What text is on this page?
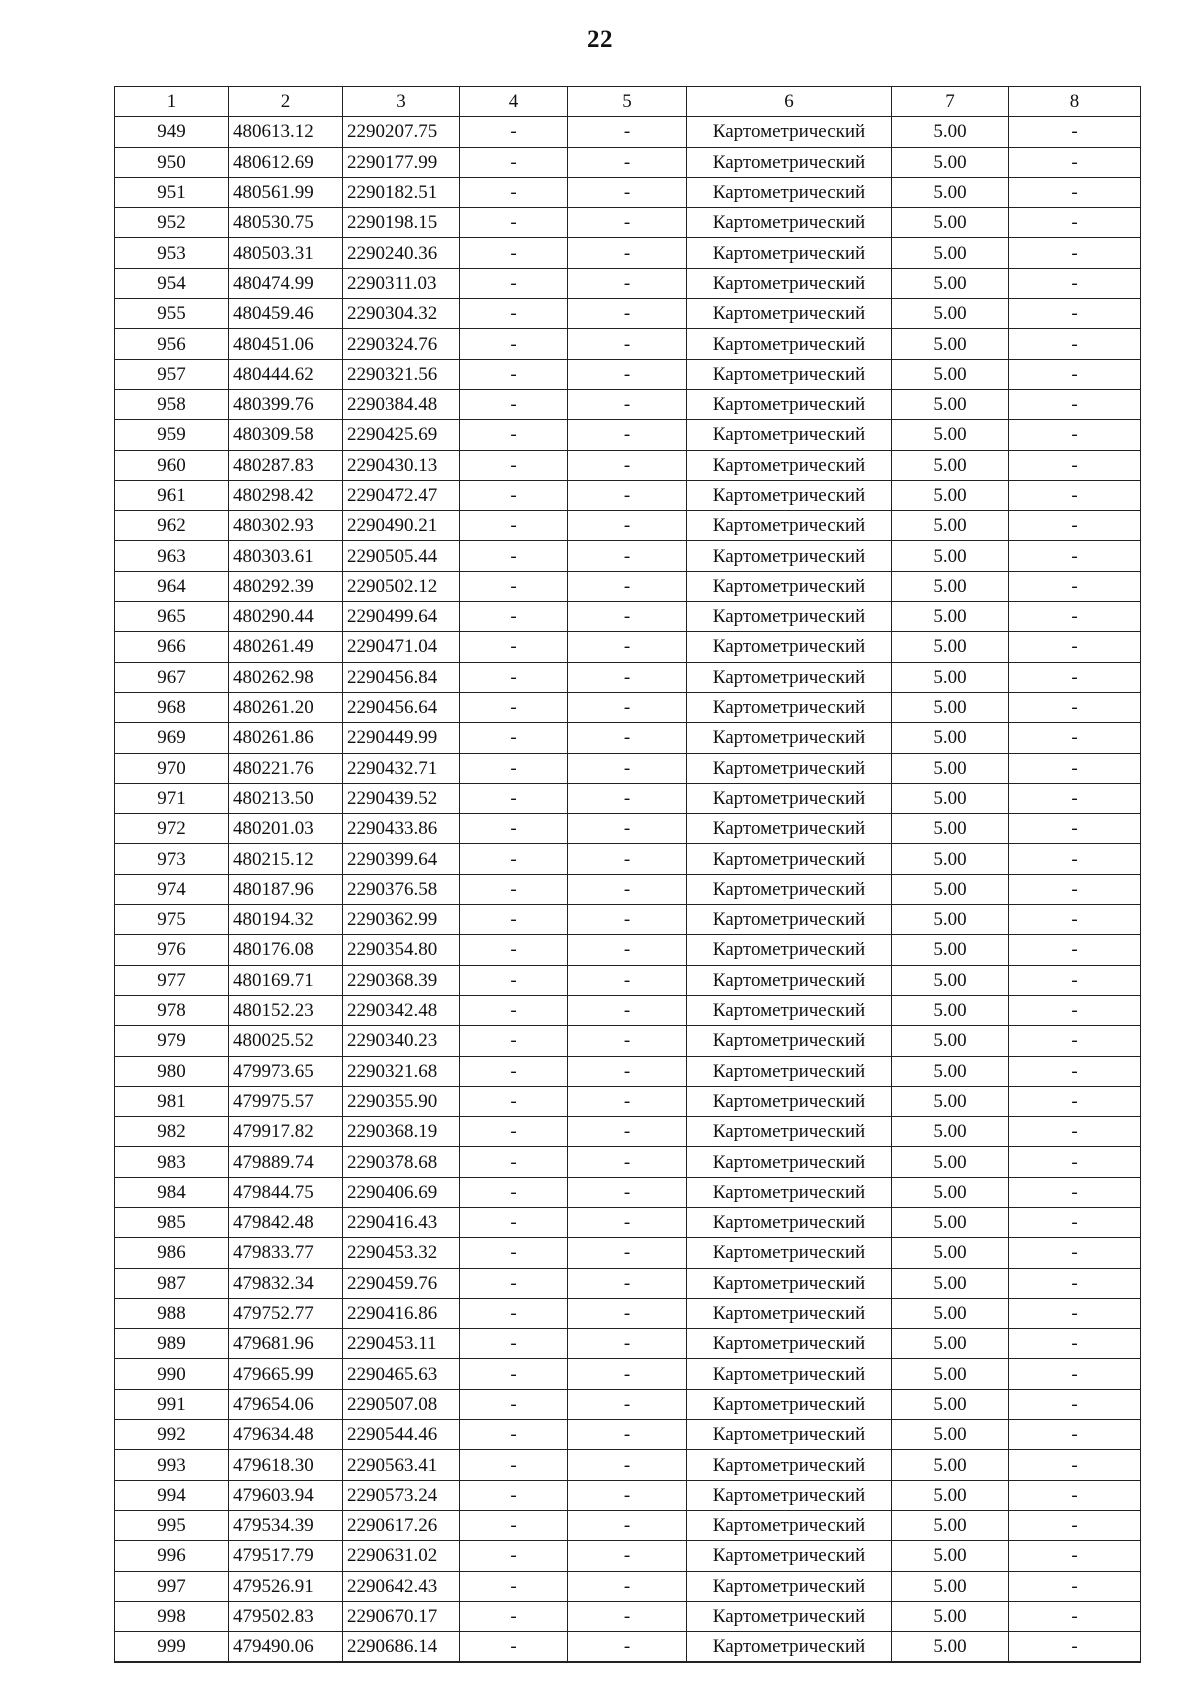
22
1	2	3	4	5	6	7	8
949	480613.12	2290207.75	-	-	Картометрический	5.00	-
950	480612.69	2290177.99	-	-	Картометрический	5.00	-
951	480561.99	2290182.51	-	-	Картометрический	5.00	-
952	480530.75	2290198.15	-	-	Картометрический	5.00	-
953	480503.31	2290240.36	-	-	Картометрический	5.00	-
954	480474.99	2290311.03	-	-	Картометрический	5.00	-
955	480459.46	2290304.32	-	-	Картометрический	5.00	-
956	480451.06	2290324.76	-	-	Картометрический	5.00	-
957	480444.62	2290321.56	-	-	Картометрический	5.00	-
958	480399.76	2290384.48	-	-	Картометрический	5.00	-
959	480309.58	2290425.69	-	-	Картометрический	5.00	-
960	480287.83	2290430.13	-	-	Картометрический	5.00	-
961	480298.42	2290472.47	-	-	Картометрический	5.00	-
962	480302.93	2290490.21	-	-	Картометрический	5.00	-
963	480303.61	2290505.44	-	-	Картометрический	5.00	-
964	480292.39	2290502.12	-	-	Картометрический	5.00	-
965	480290.44	2290499.64	-	-	Картометрический	5.00	-
966	480261.49	2290471.04	-	-	Картометрический	5.00	-
967	480262.98	2290456.84	-	-	Картометрический	5.00	-
968	480261.20	2290456.64	-	-	Картометрический	5.00	-
969	480261.86	2290449.99	-	-	Картометрический	5.00	-
970	480221.76	2290432.71	-	-	Картометрический	5.00	-
971	480213.50	2290439.52	-	-	Картометрический	5.00	-
972	480201.03	2290433.86	-	-	Картометрический	5.00	-
973	480215.12	2290399.64	-	-	Картометрический	5.00	-
974	480187.96	2290376.58	-	-	Картометрический	5.00	-
975	480194.32	2290362.99	-	-	Картометрический	5.00	-
976	480176.08	2290354.80	-	-	Картометрический	5.00	-
977	480169.71	2290368.39	-	-	Картометрический	5.00	-
978	480152.23	2290342.48	-	-	Картометрический	5.00	-
979	480025.52	2290340.23	-	-	Картометрический	5.00	-
980	479973.65	2290321.68	-	-	Картометрический	5.00	-
981	479975.57	2290355.90	-	-	Картометрический	5.00	-
982	479917.82	2290368.19	-	-	Картометрический	5.00	-
983	479889.74	2290378.68	-	-	Картометрический	5.00	-
984	479844.75	2290406.69	-	-	Картометрический	5.00	-
985	479842.48	2290416.43	-	-	Картометрический	5.00	-
986	479833.77	2290453.32	-	-	Картометрический	5.00	-
987	479832.34	2290459.76	-	-	Картометрический	5.00	-
988	479752.77	2290416.86	-	-	Картометрический	5.00	-
989	479681.96	2290453.11	-	-	Картометрический	5.00	-
990	479665.99	2290465.63	-	-	Картометрический	5.00	-
991	479654.06	2290507.08	-	-	Картометрический	5.00	-
992	479634.48	2290544.46	-	-	Картометрический	5.00	-
993	479618.30	2290563.41	-	-	Картометрический	5.00	-
994	479603.94	2290573.24	-	-	Картометрический	5.00	-
995	479534.39	2290617.26	-	-	Картометрический	5.00	-
996	479517.79	2290631.02	-	-	Картометрический	5.00	-
997	479526.91	2290642.43	-	-	Картометрический	5.00	-
998	479502.83	2290670.17	-	-	Картометрический	5.00	-
999	479490.06	2290686.14	-	-	Картометрический	5.00	-
